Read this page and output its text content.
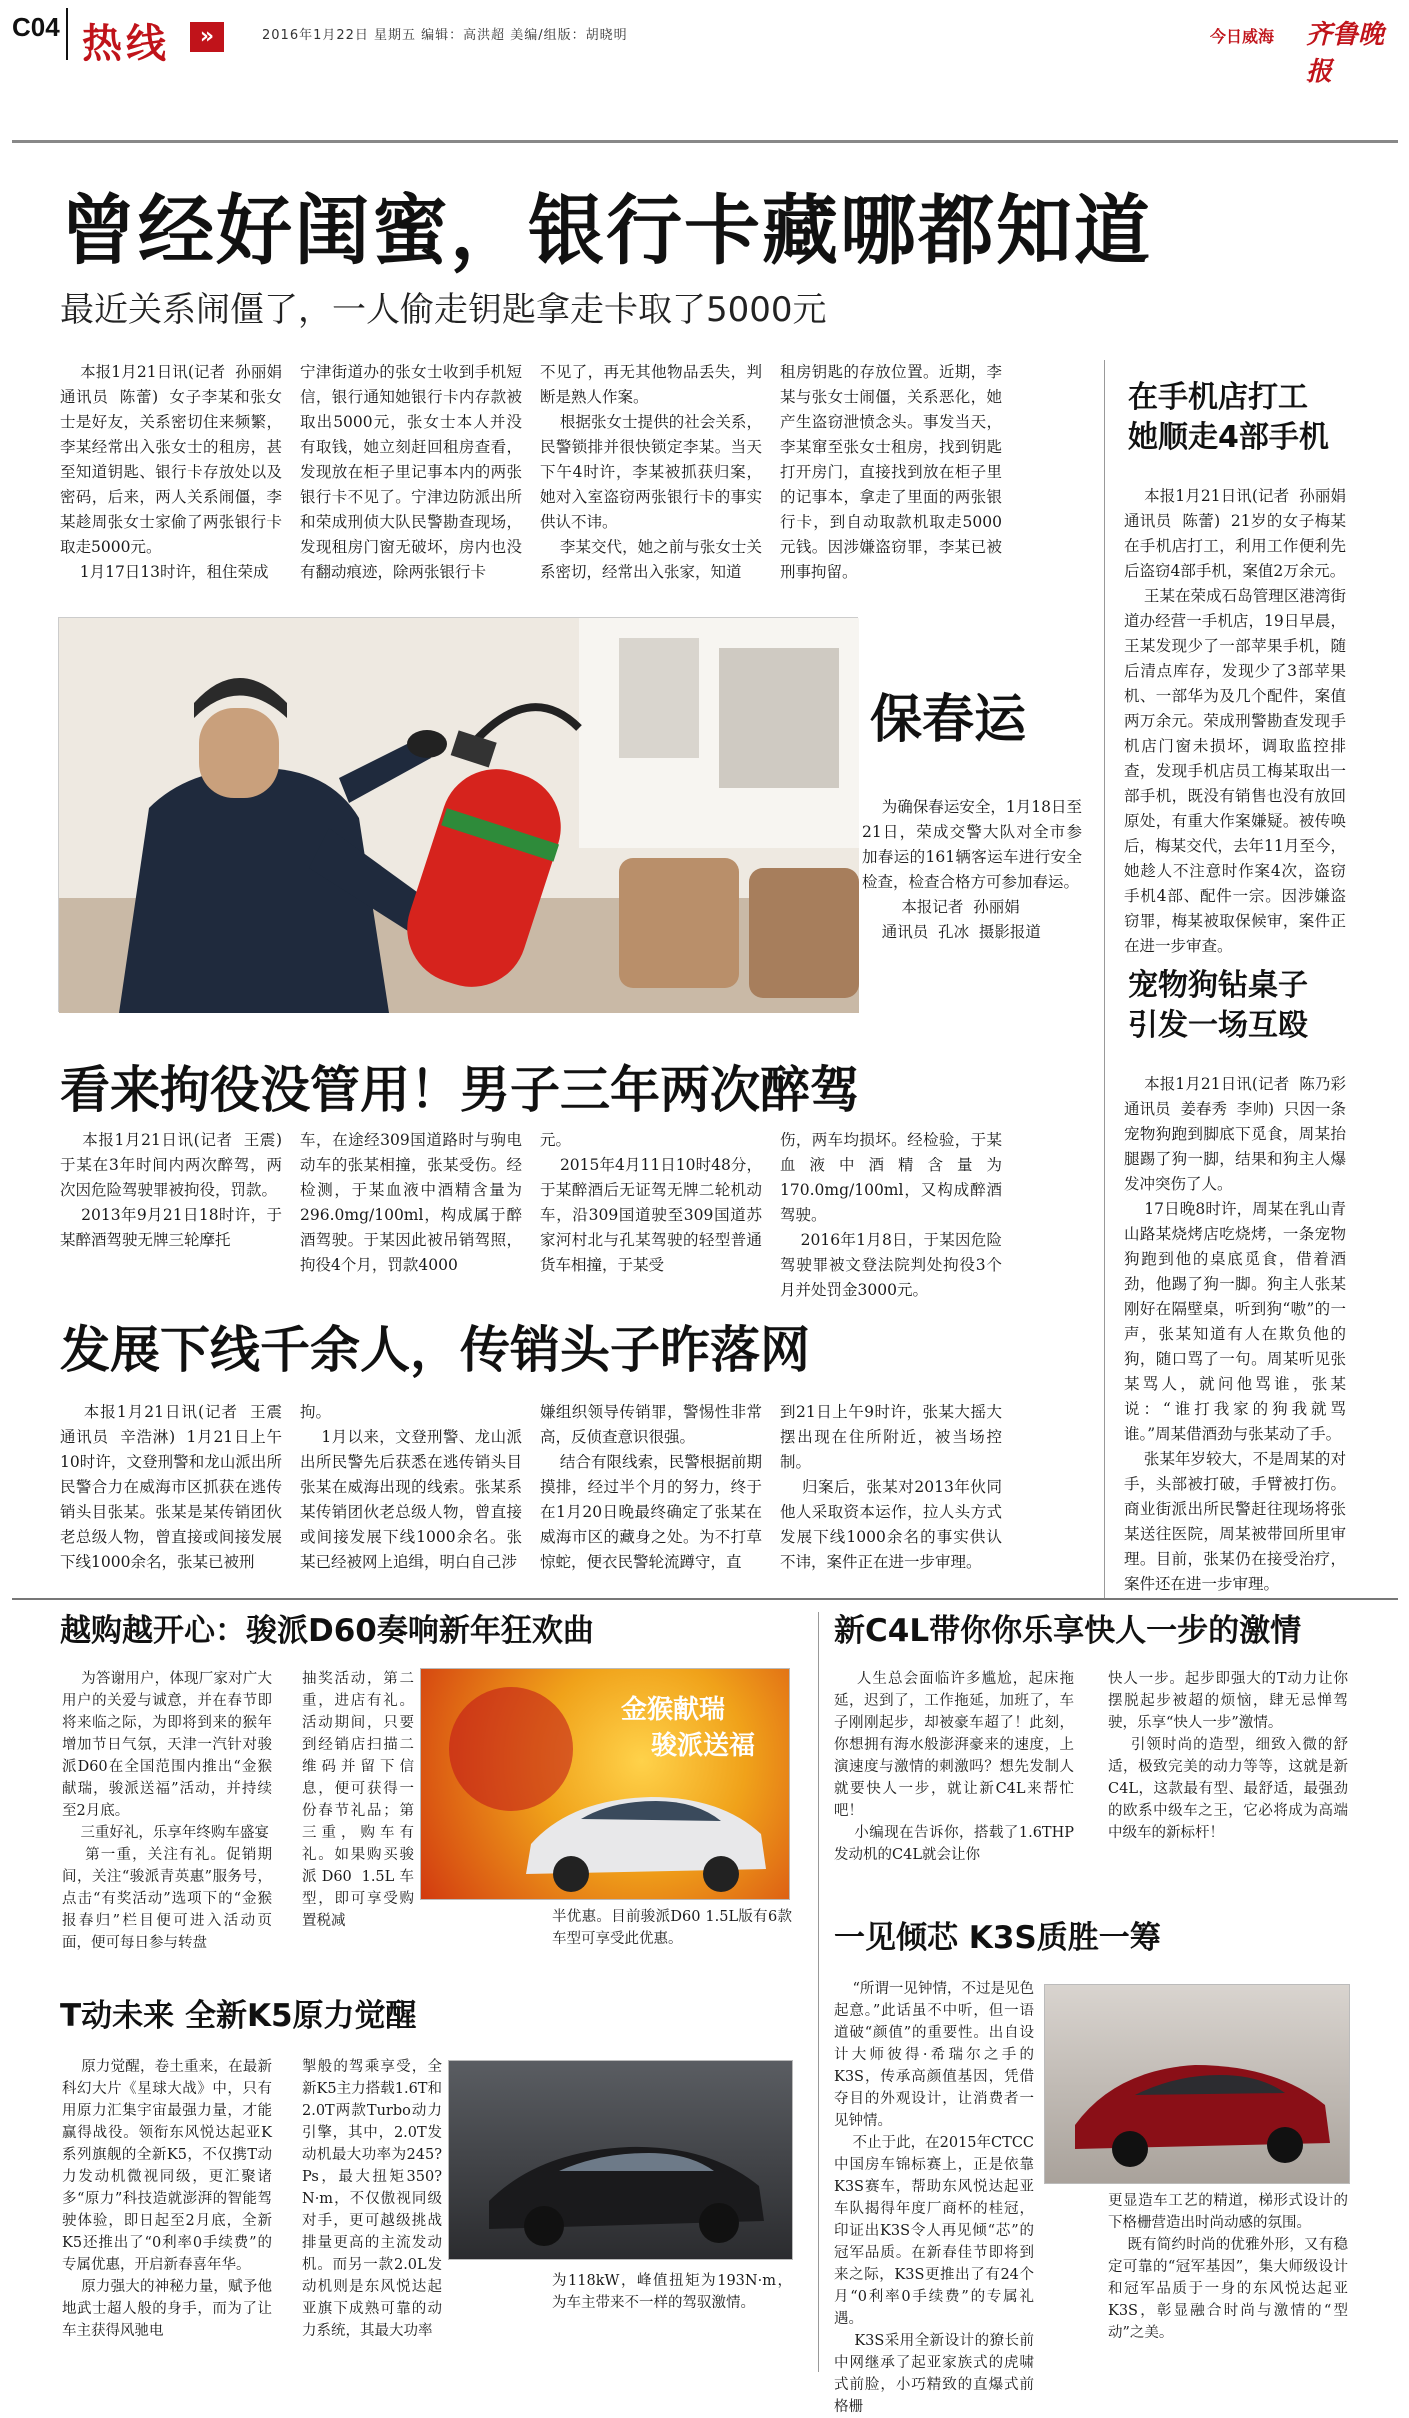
C04 热线	»	2016年1月22日 星期五 编辑：高洪超 美编/组版：胡晓明	今日威海 齐鲁晚报
曾经好闺蜜，银行卡藏哪都知道
最近关系闹僵了，一人偷走钥匙拿走卡取了5000元
本报1月21日讯(记者  孙丽娟  通讯员  陈蕾)  女子李某和张女士是好友，关系密切住来频繁，李某经常出入张女士的租房，甚至知道钥匙、银行卡存放处以及密码，后来，两人关系闹僵，李某趁周张女士家偷了两张银行卡取走5000元。
1月17日13时许，租住荣成
宁津街道办的张女士收到手机短信，银行通知她银行卡内存款被取出5000元，张女士本人并没有取钱，她立刻赶回租房查看，发现放在柜子里记事本内的两张银行卡不见了。宁津边防派出所和荣成刑侦大队民警勘查现场，发现租房门窗无破坏，房内也没有翻动痕迹，除两张银行卡
不见了，再无其他物品丢失，判断是熟人作案。
根据张女士提供的社会关系，民警锁排并很快锁定李某。当天下午4时许，李某被抓获归案，她对入室盗窃两张银行卡的事实供认不讳。
李某交代，她之前与张女士关系密切，经常出入张家，知道
租房钥匙的存放位置。近期，李某与张女士闹僵，关系恶化，她产生盗窃泄愤念头。事发当天，李某窜至张女士租房，找到钥匙打开房门，直接找到放在柜子里的记事本，拿走了里面的两张银行卡，到自动取款机取走5000元钱。因涉嫌盗窃罪，李某已被刑事拘留。
保春运
为确保春运安全，1月18日至21日，荣成交警大队对全市参加春运的161辆客运车进行安全检查，检查合格方可参加春运。
本报记者  孙丽娟
通讯员  孔冰  摄影报道
在手机店打工
她顺走4部手机
本报1月21日讯(记者  孙丽娟  通讯员  陈蕾)  21岁的女子梅某在手机店打工，利用工作便利先后盗窃4部手机，案值2万余元。
王某在荣成石岛管理区港湾街道办经营一手机店，19日早晨，王某发现少了一部苹果手机，随后清点库存，发现少了3部苹果机、一部华为及几个配件，案值两万余元。荣成刑警勘查发现手机店门窗未损坏，调取监控排查，发现手机店员工梅某取出一部手机，既没有销售也没有放回原处，有重大作案嫌疑。被传唤后，梅某交代，去年11月至今，她趁人不注意时作案4次，盗窃手机4部、配件一宗。因涉嫌盗窃罪，梅某被取保候审，案件正在进一步审查。
宠物狗钻桌子
引发一场互殴
本报1月21日讯(记者  陈乃彩  通讯员  姜春秀  李帅)  只因一条宠物狗跑到脚底下觅食，周某抬腿踢了狗一脚，结果和狗主人爆发冲突伤了人。
17日晚8时许，周某在乳山青山路某烧烤店吃烧烤，一条宠物狗跑到他的桌底觅食，借着酒劲，他踢了狗一脚。狗主人张某刚好在隔壁桌，听到狗“嗷”的一声，张某知道有人在欺负他的狗，随口骂了一句。周某听见张某骂人，就问他骂谁，张某说：“谁打我家的狗我就骂谁。”周某借酒劲与张某动了手。
张某年岁较大，不是周某的对手，头部被打破，手臂被打伤。商业街派出所民警赶往现场将张某送往医院，周某被带回所里审理。目前，张某仍在接受治疗，案件还在进一步审理。
看来拘役没管用！男子三年两次醉驾
本报1月21日讯(记者  王震)  于某在3年时间内两次醉驾，两次因危险驾驶罪被拘役，罚款。
2013年9月21日18时许，于某醉酒驾驶无牌三轮摩托
车，在途经309国道路时与驹电动车的张某相撞，张某受伤。经检测，于某血液中酒精含量为296.0mg/100ml，构成属于醉酒驾驶。于某因此被吊销驾照，拘役4个月，罚款4000
元。
2015年4月11日10时48分，于某醉酒后无证驾无牌二轮机动车，沿309国道驶至309国道苏家河村北与孔某驾驶的轻型普通货车相撞，于某受
伤，两车均损坏。经检验，于某血液中酒精含量为170.0mg/100ml，又构成醉酒驾驶。
2016年1月8日，于某因危险驾驶罪被文登法院判处拘役3个月并处罚金3000元。
发展下线千余人，传销头子昨落网
本报1月21日讯(记者  王震  通讯员  辛浩淋)  1月21日上午10时许，文登刑警和龙山派出所民警合力在威海市区抓获在逃传销头目张某。张某是某传销团伙老总级人物，曾直接或间接发展下线1000余名，张某已被刑
拘。
1月以来，文登刑警、龙山派出所民警先后获悉在逃传销头目张某在威海出现的线索。张某系某传销团伙老总级人物，曾直接或间接发展下线1000余名。张某已经被网上追缉，明白自己涉
嫌组织领导传销罪，警惕性非常高，反侦查意识很强。
结合有限线索，民警根据前期摸排，经过半个月的努力，终于在1月20日晚最终确定了张某在威海市区的藏身之处。为不打草惊蛇，便衣民警轮流蹲守，直
到21日上午9时许，张某大摇大摆出现在住所附近，被当场控制。
归案后，张某对2013年伙同他人采取资本运作，拉人头方式发展下线1000余名的事实供认不讳，案件正在进一步审理。
越购越开心：骏派D60奏响新年狂欢曲
为答谢用户，体现厂家对广大用户的关爱与诚意，并在春节即将来临之际，为即将到来的猴年增加节日气氛，天津一汽针对骏派D60在全国范围内推出“金猴献瑞，骏派送福”活动，并持续至2月底。
三重好礼，乐享年终购车盛宴
第一重，关注有礼。促销期间，关注“骏派青英惠”服务号，点击“有奖活动”选项下的“金猴报春归”栏目便可进入活动页面，便可每日参与转盘
抽奖活动，第二重，进店有礼。活动期间，只要到经销店扫描二维码并留下信息，便可获得一份春节礼品；第三重，购车有礼。如果购买骏派D60 1.5L车型，即可享受购置税减
金猴献瑞
骏派送福
半优惠。目前骏派D60 1.5L版有6款车型可享受此优惠。
新C4L带你你乐享快人一步的激情
人生总会面临许多尴尬，起床拖延，迟到了，工作拖延，加班了，车子刚刚起步，却被豪车超了！此刻，你想拥有海水般澎湃豪来的速度，上演速度与激情的刺激吗？想先发制人就要快人一步，就让新C4L来帮忙吧！
小编现在告诉你，搭载了1.6THP发动机的C4L就会让你
快人一步。起步即强大的T动力让你摆脱起步被超的烦恼，肆无忌惮驾驶，乐享“快人一步”激情。
引领时尚的造型，细致入微的舒适，极致完美的动力等等，这就是新C4L，这款最有型、最舒适，最强劲的欧系中级车之王，它必将成为高端中级车的新标杆！
T动未来 全新K5原力觉醒
原力觉醒，卷土重来，在最新科幻大片《星球大战》中，只有用原力汇集宇宙最强力量，才能赢得战役。领衔东风悦达起亚K系列旗舰的全新K5，不仅携T动力发动机微视同级，更汇聚诸多“原力”科技造就澎湃的智能驾驶体验，即日起至2月底，全新K5还推出了“0利率0手续费”的专属优惠，开启新春喜年华。
原力强大的神秘力量，赋予他地武士超人般的身手，而为了让车主获得风驰电
掣般的驾乘享受，全新K5主力搭载1.6T和2.0T两款Turbo动力引擎，其中，2.0T发动机最大功率为245?Ps，最大扭矩350?N·m，不仅傲视同级对手，更可越级挑战排量更高的主流发动机。而另一款2.0L发动机则是东风悦达起亚旗下成熟可靠的动力系统，其最大功率
为118kW，峰值扭矩为193N·m，为车主带来不一样的驾驭激情。
一见倾芯 K3S质胜一筹
“所谓一见钟情，不过是见色起意。”此话虽不中听，但一语道破“颜值”的重要性。出自设计大师彼得·希瑞尔之手的K3S，传承高颜值基因，凭借夺目的外观设计，让消费者一见钟情。
不止于此，在2015年CTCC中国房车锦标赛上，正是依靠K3S赛车，帮助东风悦达起亚车队揭得年度厂商杯的桂冠，印证出K3S令人再见倾“芯”的冠军品质。在新春佳节即将到来之际，K3S更推出了有24个月“0利率0手续费”的专属礼遇。
K3S采用全新设计的獠长前中网继承了起亚家族式的虎啸式前脸，小巧精致的直爆式前格栅
更显造车工艺的精道，梯形式设计的下格栅营造出时尚动感的氛围。
既有简约时尚的优雅外形，又有稳定可靠的“冠军基因”，集大师级设计和冠军品质于一身的东风悦达起亚K3S，彰显融合时尚与激情的“型动”之美。
